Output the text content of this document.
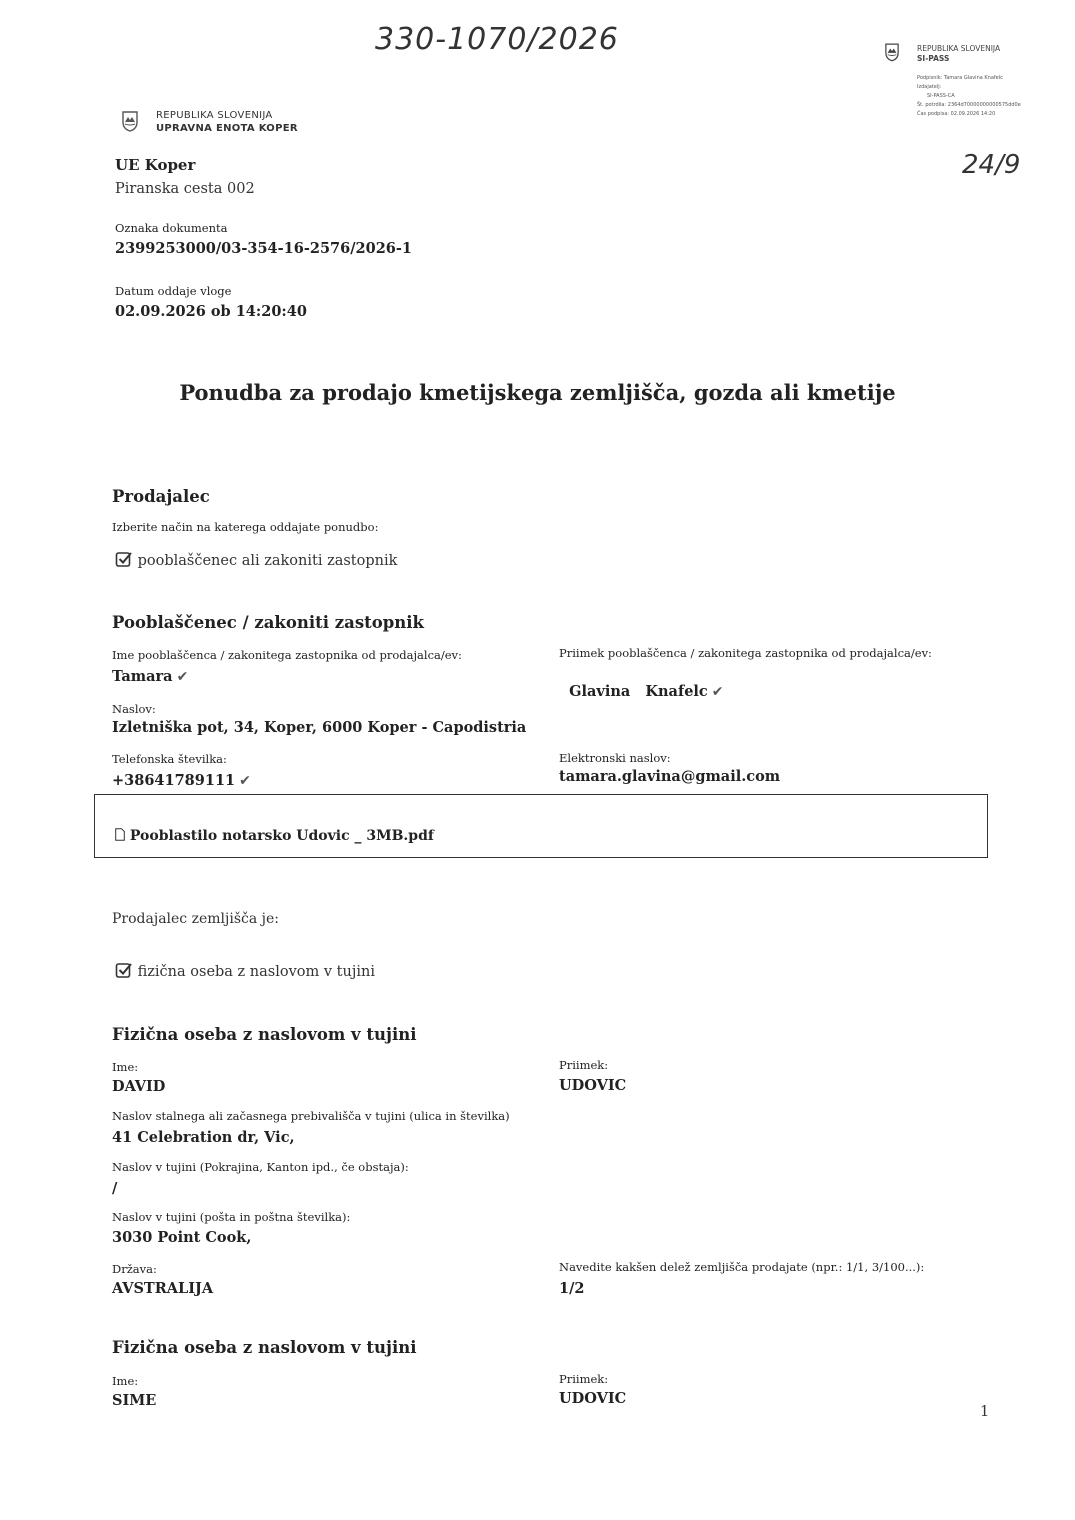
330-1070/2026	REPUBLIKA SLOVENIJA
SI-PASS
Podpisnik: Tamara Glavina Knafelc
Izdajatelj:
SI-PASS-CA
Št. potrdila: 2364d70000000000575dd0e
Čas podpisa: 02.09.2026 14:20
24/9
REPUBLIKA SLOVENIJA
UPRAVNA ENOTA KOPER
UE Koper
Piranska cesta 002
Oznaka dokumenta
2399253000/03-354-16-2576/2026-1
Datum oddaje vloge
02.09.2026 ob 14:20:40
Ponudba za prodajo kmetijskega zemljišča, gozda ali kmetije
Prodajalec
Izberite način na katerega oddajate ponudbo:
pooblaščenec ali zakoniti zastopnik
Pooblaščenec / zakoniti zastopnik
Ime pooblaščenca / zakonitega zastopnika od prodajalca/ev:
Tamara ✔
Priimek pooblaščenca / zakonitega zastopnika od prodajalca/ev:

Glavina   Knafelc ✔

Naslov:
Izletniška pot, 34, Koper, 6000 Koper - Capodistria
Telefonska številka:
+38641789111 ✔
Elektronski naslov:
tamara.glavina@gmail.com
Pooblastilo notarsko Udovic _ 3MB.pdf
Prodajalec zemljišča je:
fizična oseba z naslovom v tujini
Fizična oseba z naslovom v tujini
Ime:
DAVID
Priimek:
UDOVIC
Naslov stalnega ali začasnega prebivališča v tujini (ulica in številka)
41 Celebration dr, Vic,
Naslov v tujini (Pokrajina, Kanton ipd., če obstaja):
/
Naslov v tujini (pošta in poštna številka):
3030 Point Cook,
Država:
AVSTRALIJA
Navedite kakšen delež zemljišča prodajate (npr.: 1/1, 3/100...):
1/2
Fizična oseba z naslovom v tujini
Ime:
SIME
Priimek:
UDOVIC
1
